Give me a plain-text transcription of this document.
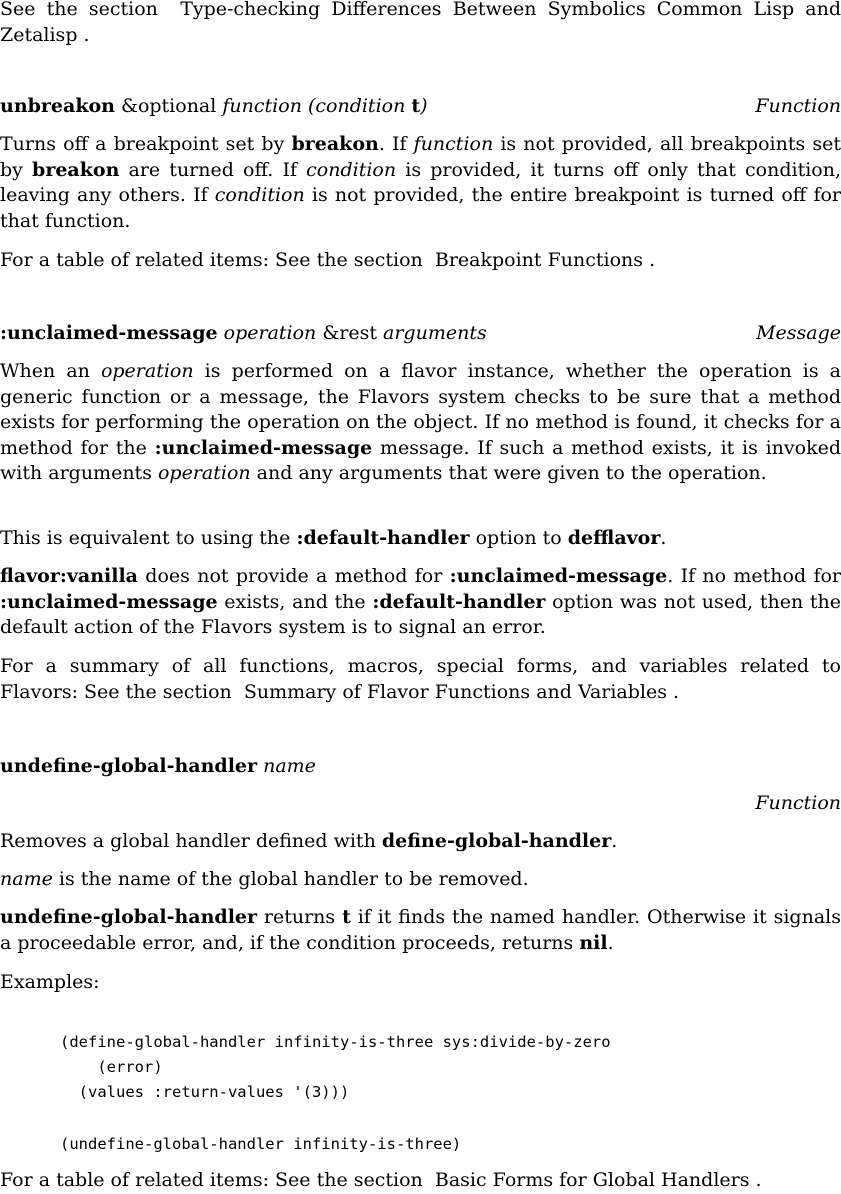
See the section Type-checking Differences Between Symbolics Common Lisp and Zetalisp .

unbreakon &optional function (condition t)	Function

Turns off a breakpoint set by breakon. If function is not provided, all breakpoints set by breakon are turned off. If condition is provided, it turns off only that condition, leaving any others. If condition is not provided, the entire breakpoint is turned off for that function.

For a table of related items: See the section Breakpoint Functions .

:unclaimed-message operation &rest arguments	Message

When an operation is performed on a flavor instance, whether the operation is a generic function or a message, the Flavors system checks to be sure that a method exists for performing the operation on the object. If no method is found, it checks for a method for the :unclaimed-message message. If such a method exists, it is invoked with arguments operation and any arguments that were given to the operation.

This is equivalent to using the :default-handler option to defflavor.

flavor:vanilla does not provide a method for :unclaimed-message. If no method for :unclaimed-message exists, and the :default-handler option was not used, then the default action of the Flavors system is to signal an error.

For a summary of all functions, macros, special forms, and variables related to Flavors: See the section Summary of Flavor Functions and Variables .

undefine-global-handler name
Function

Removes a global handler defined with define-global-handler.

name is the name of the global handler to be removed.

undefine-global-handler returns t if it finds the named handler. Otherwise it signals a proceedable error, and, if the condition proceeds, returns nil.

Examples:

(define-global-handler infinity-is-three sys:divide-by-zero
(error)
(values :return-values '(3)))
(undefine-global-handler infinity-is-three)

For a table of related items: See the section Basic Forms for Global Handlers .
